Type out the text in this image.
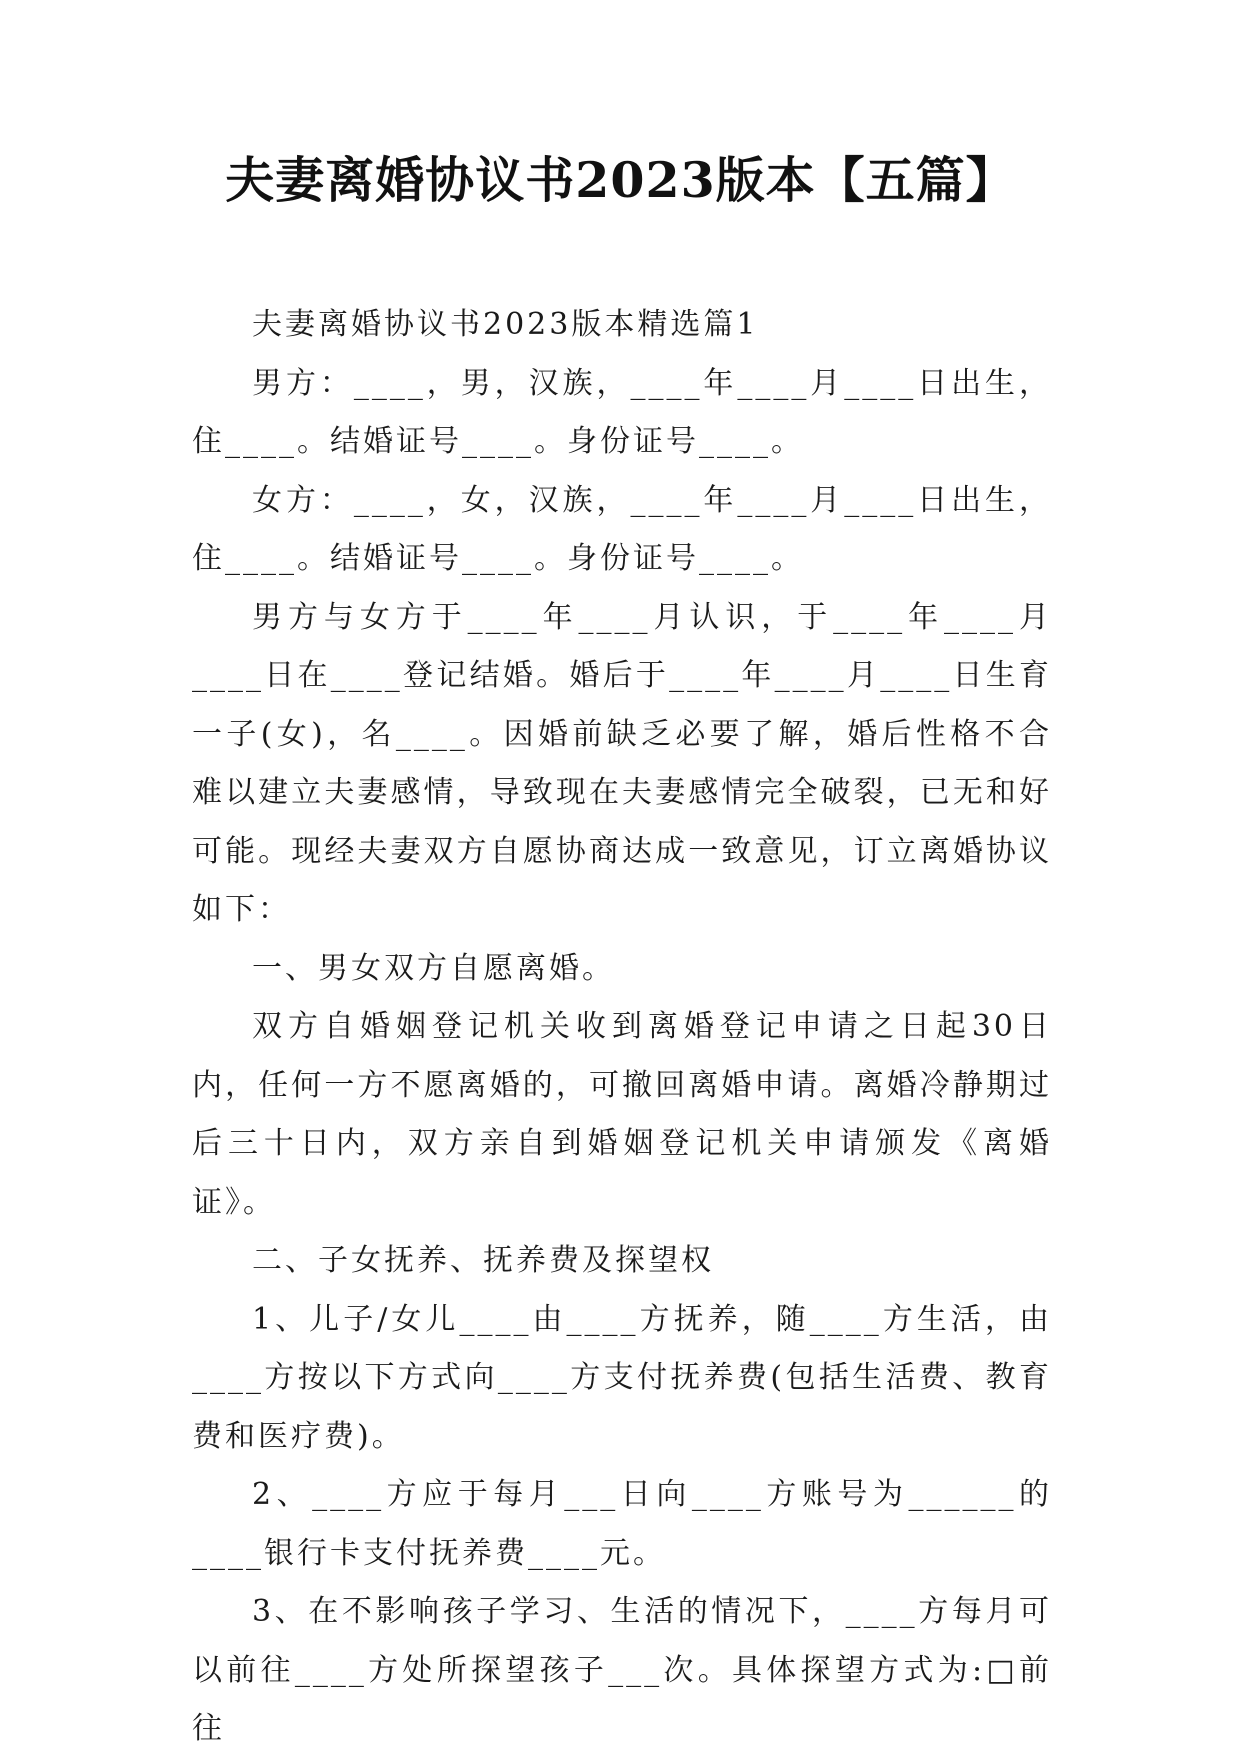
夫妻离婚协议书2023版本【五篇】

夫妻离婚协议书2023版本精选篇1

男方：____，男，汉族，____年____月____日出生，住____。结婚证号____。身份证号____。

女方：____，女，汉族，____年____月____日出生，住____。结婚证号____。身份证号____。

男方与女方于____年____月认识，于____年____月____日在____登记结婚。婚后于____年____月____日生育一子(女)，名____。因婚前缺乏必要了解，婚后性格不合难以建立夫妻感情，导致现在夫妻感情完全破裂，已无和好可能。现经夫妻双方自愿协商达成一致意见，订立离婚协议如下：

一、男女双方自愿离婚。

双方自婚姻登记机关收到离婚登记申请之日起30日内，任何一方不愿离婚的，可撤回离婚申请。离婚冷静期过后三十日内，双方亲自到婚姻登记机关申请颁发《离婚证》。

二、子女抚养、抚养费及探望权

1、儿子/女儿____由____方抚养，随____方生活，由____方按以下方式向____方支付抚养费(包括生活费、教育费和医疗费)。

2、____方应于每月___日向____方账号为______的____银行卡支付抚养费____元。

3、在不影响孩子学习、生活的情况下，____方每月可以前往____方处所探望孩子___次。具体探望方式为:□前往
